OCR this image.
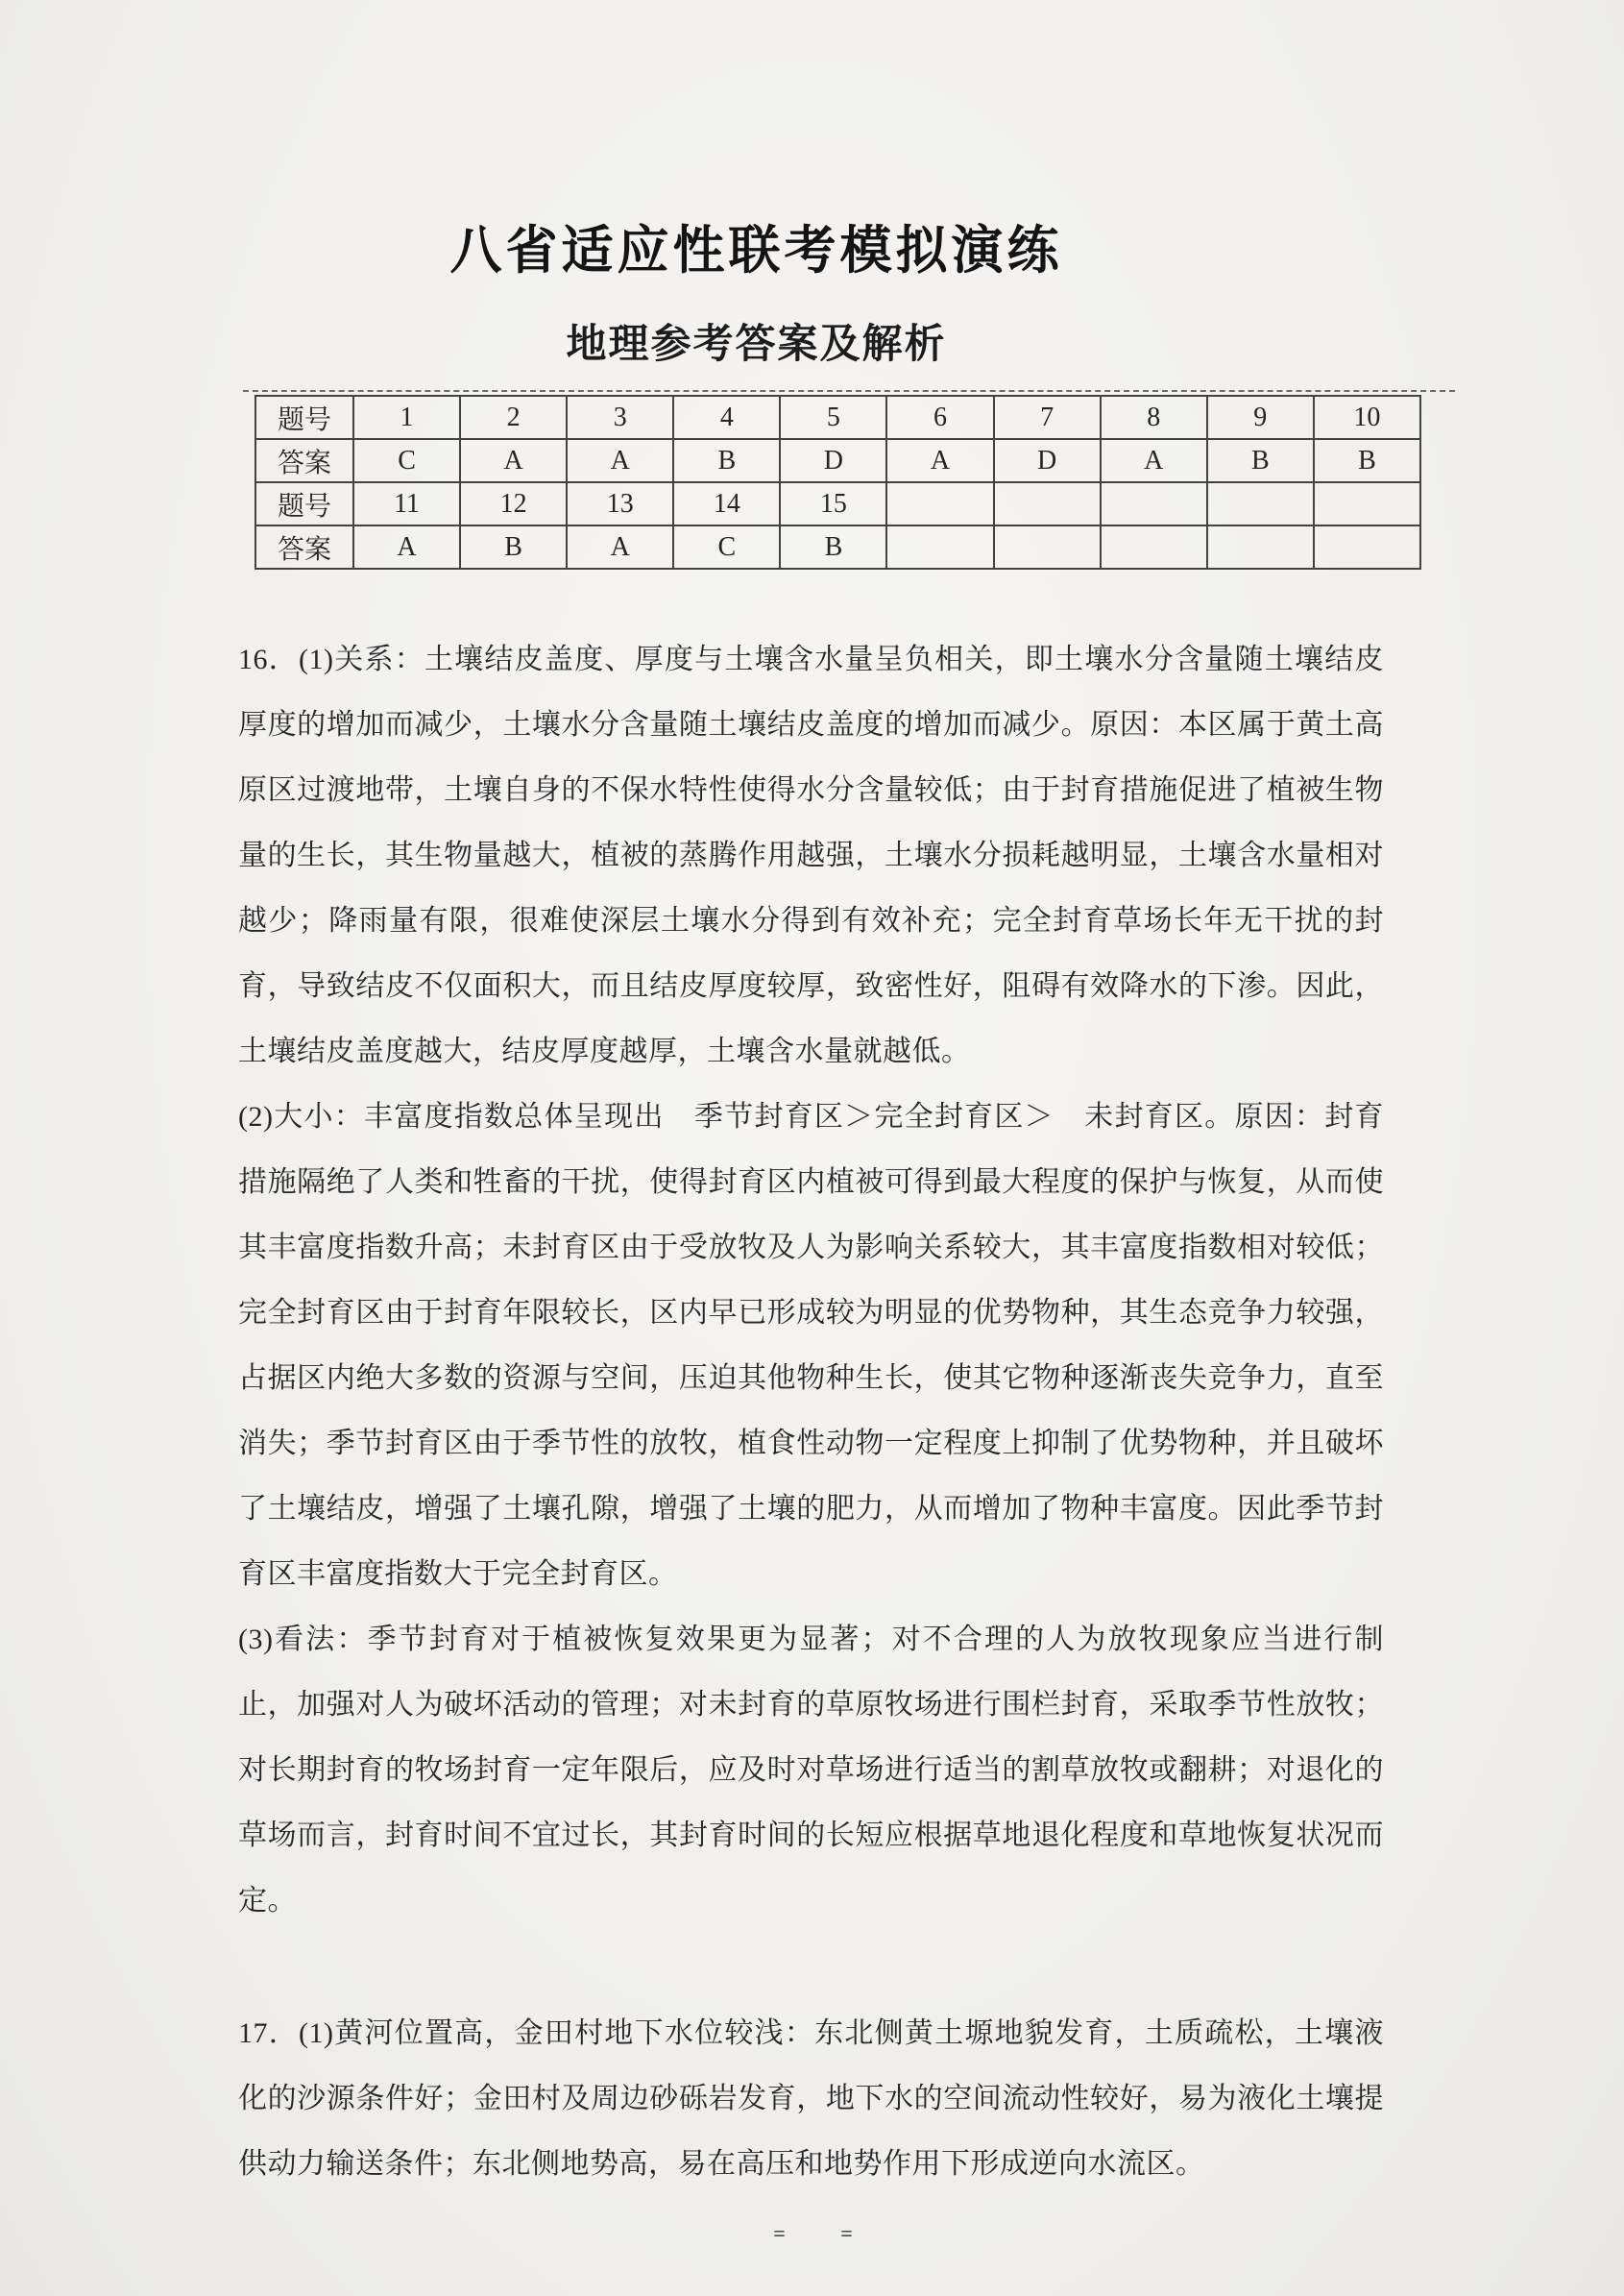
八省适应性联考模拟演练
地理参考答案及解析
题号	1	2	3	4	5	6	7	8	9	10
答案	C	A	A	B	D	A	D	A	B	B
题号	11	12	13	14	15					
答案	A	B	A	C	B					

16．(1)关系：土壤结皮盖度、厚度与土壤含水量呈负相关，即土壤水分含量随土壤结皮厚度的增加而减少，土壤水分含量随土壤结皮盖度的增加而减少。原因：本区属于黄土高原区过渡地带，土壤自身的不保水特性使得水分含量较低；由于封育措施促进了植被生物量的生长，其生物量越大，植被的蒸腾作用越强，土壤水分损耗越明显，土壤含水量相对越少；降雨量有限，很难使深层土壤水分得到有效补充；完全封育草场长年无干扰的封育，导致结皮不仅面积大，而且结皮厚度较厚，致密性好，阻碍有效降水的下渗。因此，土壤结皮盖度越大，结皮厚度越厚，土壤含水量就越低。

(2)大小：丰富度指数总体呈现出　季节封育区＞完全封育区＞　未封育区。原因：封育措施隔绝了人类和牲畜的干扰，使得封育区内植被可得到最大程度的保护与恢复，从而使其丰富度指数升高；未封育区由于受放牧及人为影响关系较大，其丰富度指数相对较低；完全封育区由于封育年限较长，区内早已形成较为明显的优势物种，其生态竞争力较强，占据区内绝大多数的资源与空间，压迫其他物种生长，使其它物种逐渐丧失竞争力，直至消失；季节封育区由于季节性的放牧，植食性动物一定程度上抑制了优势物种，并且破坏了土壤结皮，增强了土壤孔隙，增强了土壤的肥力，从而增加了物种丰富度。因此季节封育区丰富度指数大于完全封育区。

(3)看法：季节封育对于植被恢复效果更为显著；对不合理的人为放牧现象应当进行制止，加强对人为破坏活动的管理；对未封育的草原牧场进行围栏封育，采取季节性放牧；对长期封育的牧场封育一定年限后，应及时对草场进行适当的割草放牧或翻耕；对退化的草场而言，封育时间不宜过长，其封育时间的长短应根据草地退化程度和草地恢复状况而定。

17．(1)黄河位置高，金田村地下水位较浅：东北侧黄土塬地貌发育，土质疏松，土壤液化的沙源条件好；金田村及周边砂砾岩发育，地下水的空间流动性较好，易为液化土壤提供动力输送条件；东北侧地势高，易在高压和地势作用下形成逆向水流区。

= =
